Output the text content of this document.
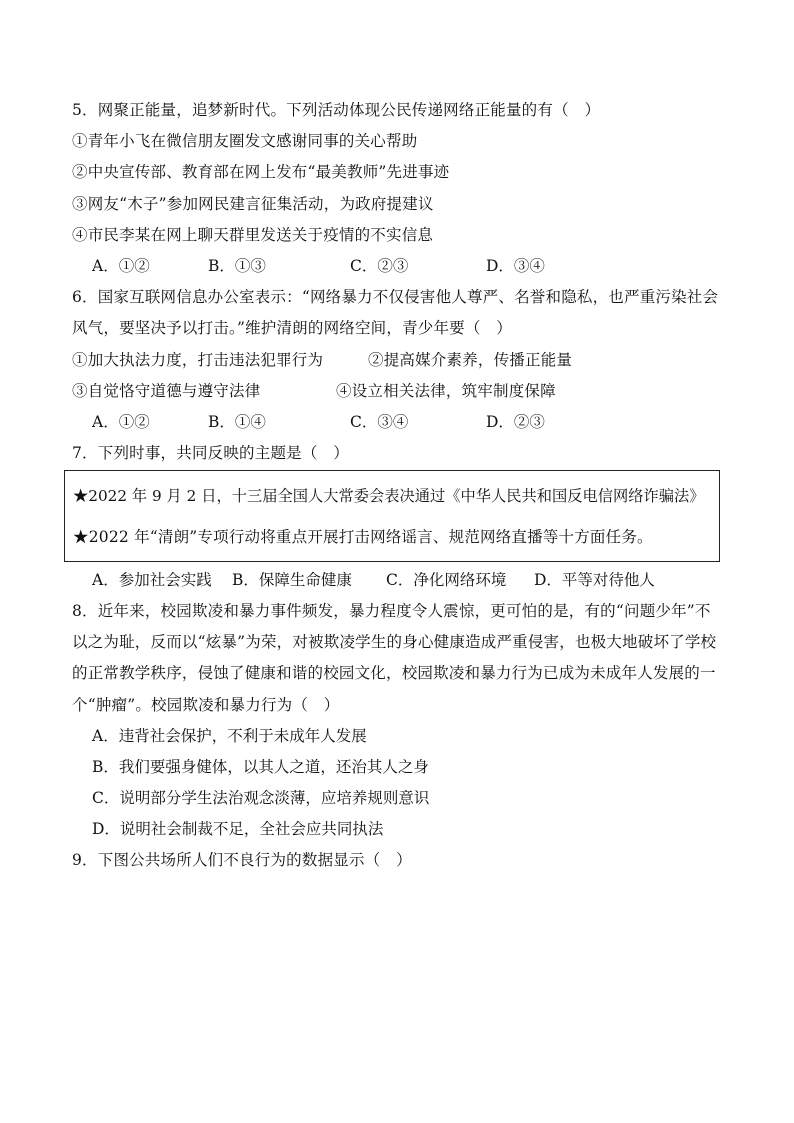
5．网聚正能量，追梦新时代。下列活动体现公民传递网络正能量的有（　）
①青年小飞在微信朋友圈发文感谢同事的关心帮助
②中央宣传部、教育部在网上发布“最美教师”先进事迹
③网友“木子”参加网民建言征集活动，为政府提建议
④市民李某在网上聊天群里发送关于疫情的不实信息
A．①②	B．①③	C．②③	D．③④
6．国家互联网信息办公室表示：“网络暴力不仅侵害他人尊严、名誉和隐私，也严重污染社会
风气，要坚决予以打击。”维护清朗的网络空间，青少年要（　）
①加大执法力度，打击违法犯罪行为	②提高媒介素养，传播正能量
③自觉恪守道德与遵守法律	④设立相关法律，筑牢制度保障
A．①②	B．①④	C．③④	D．②③
7．下列时事，共同反映的主题是（　）
★2022 年 9 月 2 日，十三届全国人大常委会表决通过《中华人民共和国反电信网络诈骗法》
★2022 年“清朗”专项行动将重点开展打击网络谣言、规范网络直播等十方面任务。
A．参加社会实践 B．保障生命健康 C．净化网络环境 D．平等对待他人
8．近年来，校园欺凌和暴力事件频发，暴力程度令人震惊，更可怕的是，有的“问题少年”不
以之为耻，反而以“炫暴”为荣，对被欺凌学生的身心健康造成严重侵害，也极大地破坏了学校
的正常教学秩序，侵蚀了健康和谐的校园文化，校园欺凌和暴力行为已成为未成年人发展的一
个“肿瘤”。校园欺凌和暴力行为（　）
A．违背社会保护，不利于未成年人发展
B．我们要强身健体，以其人之道，还治其人之身
C．说明部分学生法治观念淡薄，应培养规则意识
D．说明社会制裁不足，全社会应共同执法
9．下图公共场所人们不良行为的数据显示（　）
